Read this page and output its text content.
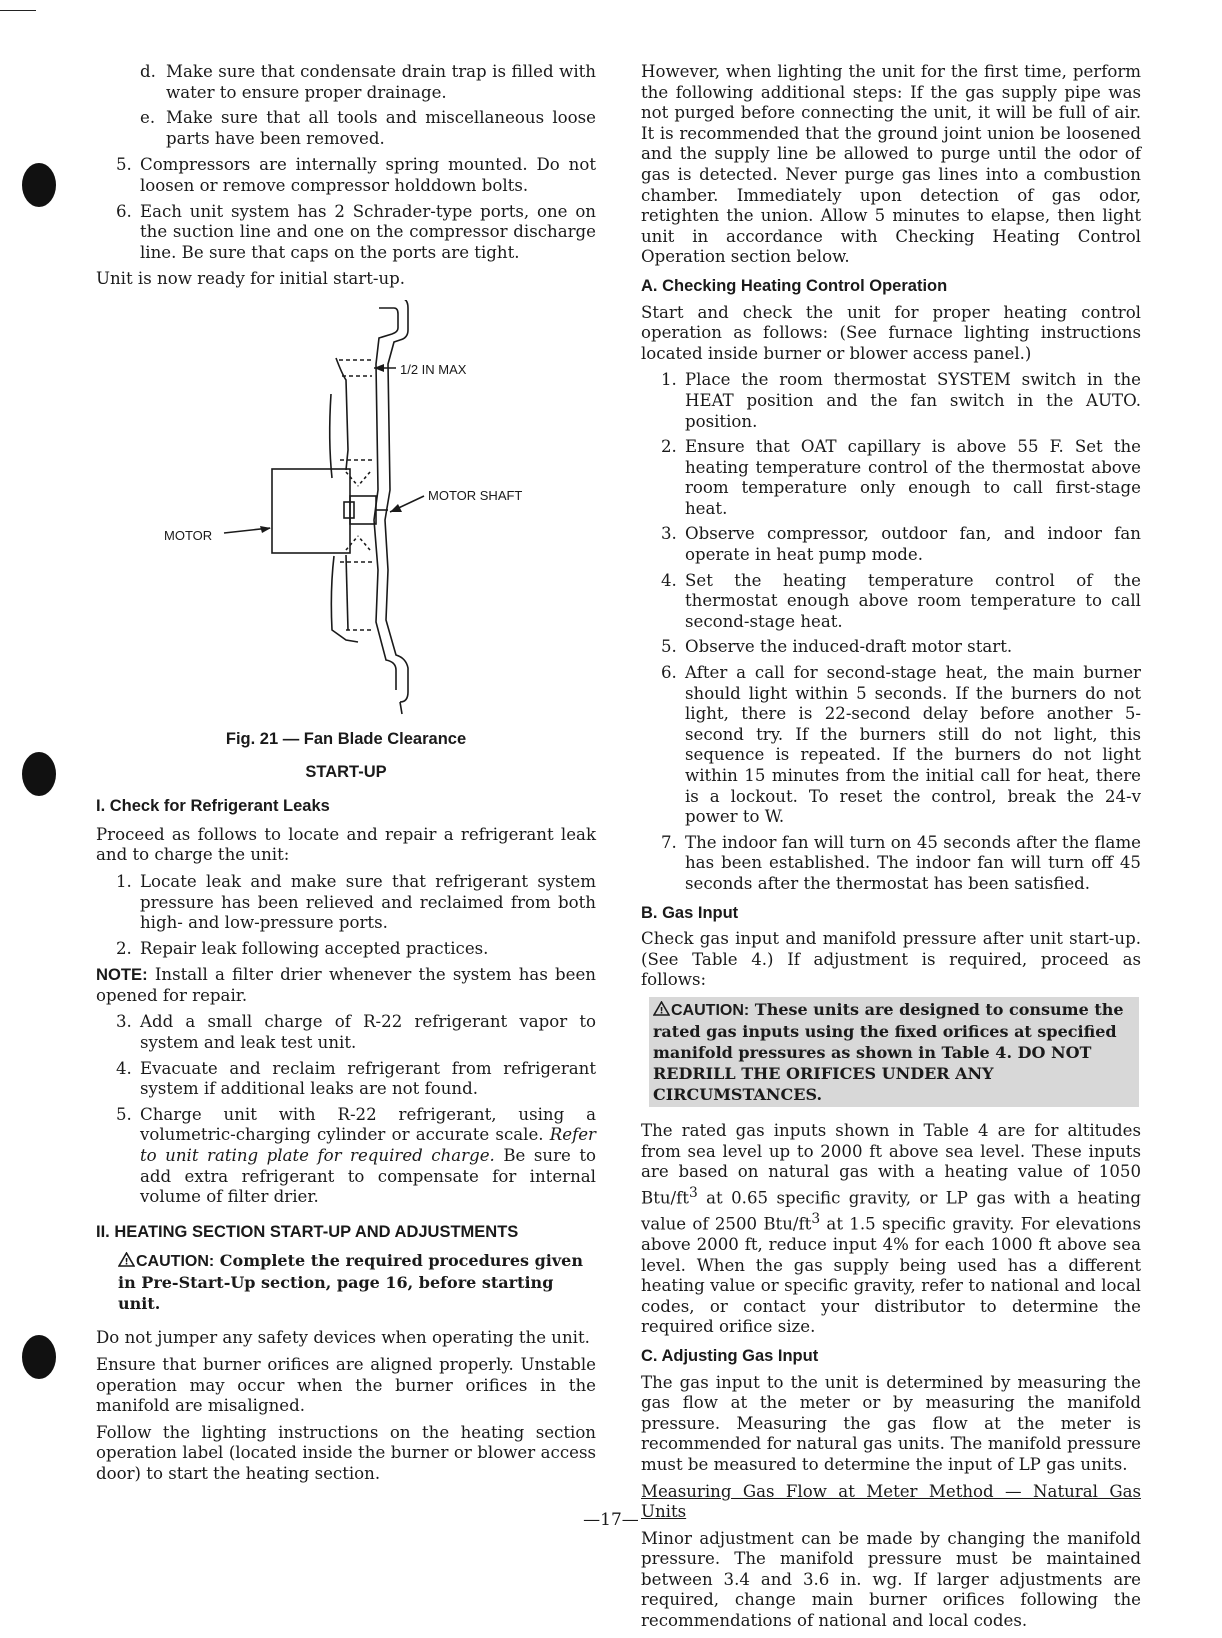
d. Make sure that condensate drain trap is filled with water to ensure proper drainage.
e. Make sure that all tools and miscellaneous loose parts have been removed.
5. Compressors are internally spring mounted. Do not loosen or remove compressor holddown bolts.
6. Each unit system has 2 Schrader-type ports, one on the suction line and one on the compressor discharge line. Be sure that caps on the ports are tight.

Unit is now ready for initial start-up.

1/2 IN MAX
MOTOR SHAFT
MOTOR
Fig. 21 — Fan Blade Clearance
START-UP
I. Check for Refrigerant Leaks

Proceed as follows to locate and repair a refrigerant leak and to charge the unit:

1. Locate leak and make sure that refrigerant system pressure has been relieved and reclaimed from both high- and low-pressure ports.
2. Repair leak following accepted practices.

NOTE: Install a filter drier whenever the system has been opened for repair.

3. Add a small charge of R-22 refrigerant vapor to system and leak test unit.
4. Evacuate and reclaim refrigerant from refrigerant system if additional leaks are not found.
5. Charge unit with R-22 refrigerant, using a volumetric-charging cylinder or accurate scale. Refer to unit rating plate for required charge. Be sure to add extra refrigerant to compensate for internal volume of filter drier.
II. HEATING SECTION START-UP AND ADJUSTMENTS
! CAUTION: Complete the required procedures given in Pre-Start-Up section, page 16, before starting unit.

Do not jumper any safety devices when operating the unit.

Ensure that burner orifices are aligned properly. Unstable operation may occur when the burner orifices in the manifold are misaligned.

Follow the lighting instructions on the heating section operation label (located inside the burner or blower access door) to start the heating section.

However, when lighting the unit for the first time, perform the following additional steps: If the gas supply pipe was not purged before connecting the unit, it will be full of air. It is recommended that the ground joint union be loosened and the supply line be allowed to purge until the odor of gas is detected. Never purge gas lines into a combustion chamber. Immediately upon detection of gas odor, retighten the union. Allow 5 minutes to elapse, then light unit in accordance with Checking Heating Control Operation section below.

A. Checking Heating Control Operation

Start and check the unit for proper heating control operation as follows: (See furnace lighting instructions located inside burner or blower access panel.)

1. Place the room thermostat SYSTEM switch in the HEAT position and the fan switch in the AUTO. position.
2. Ensure that OAT capillary is above 55 F. Set the heating temperature control of the thermostat above room temperature only enough to call first-stage heat.
3. Observe compressor, outdoor fan, and indoor fan operate in heat pump mode.
4. Set the heating temperature control of the thermostat enough above room temperature to call second-stage heat.
5. Observe the induced-draft motor start.
6. After a call for second-stage heat, the main burner should light within 5 seconds. If the burners do not light, there is 22-second delay before another 5-second try. If the burners still do not light, this sequence is repeated. If the burners do not light within 15 minutes from the initial call for heat, there is a lockout. To reset the control, break the 24-v power to W.
7. The indoor fan will turn on 45 seconds after the flame has been established. The indoor fan will turn off 45 seconds after the thermostat has been satisfied.
B. Gas Input

Check gas input and manifold pressure after unit start-up. (See Table 4.) If adjustment is required, proceed as follows:

! CAUTION: These units are designed to consume the rated gas inputs using the fixed orifices at specified manifold pressures as shown in Table 4. DO NOT REDRILL THE ORIFICES UNDER ANY CIRCUMSTANCES.

The rated gas inputs shown in Table 4 are for altitudes from sea level up to 2000 ft above sea level. These inputs are based on natural gas with a heating value of 1050 Btu/$ft^3$ at 0.65 specific gravity, or LP gas with a heating value of 2500 Btu/$ft^3$ at 1.5 specific gravity. For elevations above 2000 ft, reduce input 4% for each 1000 ft above sea level. When the gas supply being used has a different heating value or specific gravity, refer to national and local codes, or contact your distributor to determine the required orifice size.

C. Adjusting Gas Input

The gas input to the unit is determined by measuring the gas flow at the meter or by measuring the manifold pressure. Measuring the gas flow at the meter is recommended for natural gas units. The manifold pressure must be measured to determine the input of LP gas units.

Measuring Gas Flow at Meter Method — Natural Gas Units

Minor adjustment can be made by changing the manifold pressure. The manifold pressure must be maintained between 3.4 and 3.6 in. wg. If larger adjustments are required, change main burner orifices following the recommendations of national and local codes.

—17—
